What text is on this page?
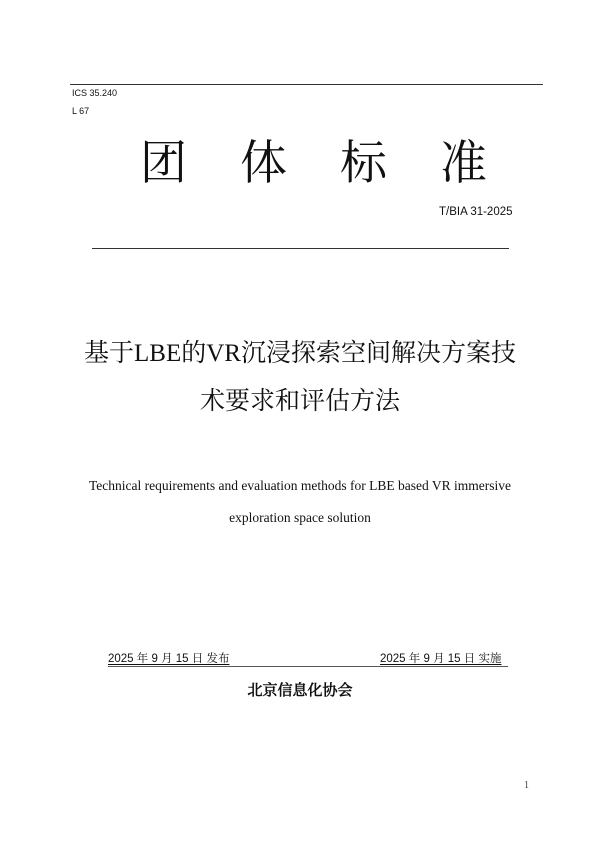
ICS 35.240
L 67
团体标准
T/BIA 31-2025
基于LBE的VR沉浸探索空间解决方案技
术要求和评估方法
Technical requirements and evaluation methods for LBE based VR immersive
exploration space solution
2025 年 9 月 15 日 发布	2025 年 9 月 15 日 实施
北京信息化协会
1
